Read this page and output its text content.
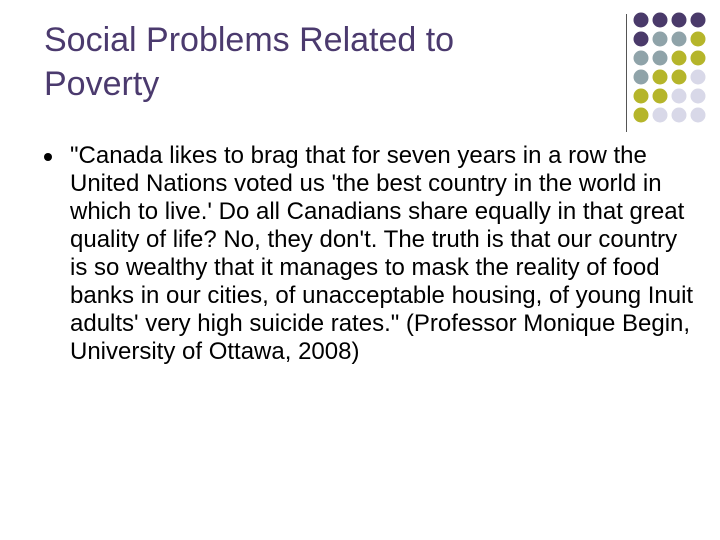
Social Problems Related to
Poverty
"Canada likes to brag that for seven years in a row the United Nations voted us 'the best country in the world in which to live.' Do all Canadians share equally in that great quality of life? No, they don't. The truth is that our country is so wealthy that it manages to mask the reality of food banks in our cities, of unacceptable housing, of young Inuit adults' very high suicide rates." (Professor Monique Begin, University of Ottawa, 2008)
